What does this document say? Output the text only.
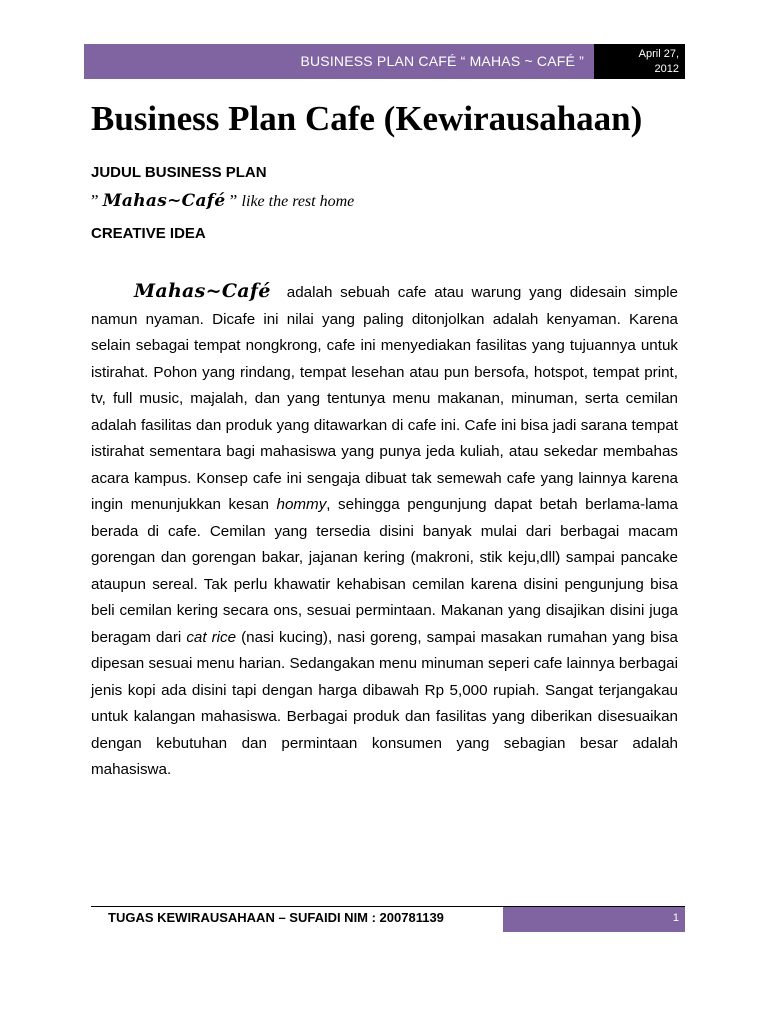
BUSINESS PLAN CAFÉ “ MAHAS ~ CAFÉ ”	April 27,
2012
Business Plan Cafe (Kewirausahaan)
JUDUL BUSINESS PLAN
” Mahas~Café ” like the rest home
CREATIVE IDEA

Mahas~Café adalah sebuah cafe atau warung yang didesain simple namun nyaman. Dicafe ini nilai yang paling ditonjolkan adalah kenyaman. Karena selain sebagai tempat nongkrong, cafe ini menyediakan fasilitas yang tujuannya untuk istirahat. Pohon yang rindang, tempat lesehan atau pun bersofa, hotspot, tempat print, tv, full music, majalah, dan yang tentunya menu makanan, minuman, serta cemilan adalah fasilitas dan produk yang ditawarkan di cafe ini. Cafe ini bisa jadi sarana tempat istirahat sementara bagi mahasiswa yang punya jeda kuliah, atau sekedar membahas acara kampus. Konsep cafe ini sengaja dibuat tak semewah cafe yang lainnya karena ingin menunjukkan kesan hommy, sehingga pengunjung dapat betah berlama-lama berada di cafe. Cemilan yang tersedia disini banyak mulai dari berbagai macam gorengan dan gorengan bakar, jajanan kering (makroni, stik keju,dll) sampai pancake ataupun sereal. Tak perlu khawatir kehabisan cemilan karena disini pengunjung bisa beli cemilan kering secara ons, sesuai permintaan. Makanan yang disajikan disini juga beragam dari cat rice (nasi kucing), nasi goreng, sampai masakan rumahan yang bisa dipesan sesuai menu harian. Sedangakan menu minuman seperi cafe lainnya berbagai jenis kopi ada disini tapi dengan harga dibawah Rp 5,000 rupiah. Sangat terjangakau untuk kalangan mahasiswa. Berbagai produk dan fasilitas yang diberikan disesuaikan dengan kebutuhan dan permintaan konsumen yang sebagian besar adalah mahasiswa.

TUGAS KEWIRAUSAHAAN – SUFAIDI NIM : 200781139	1
